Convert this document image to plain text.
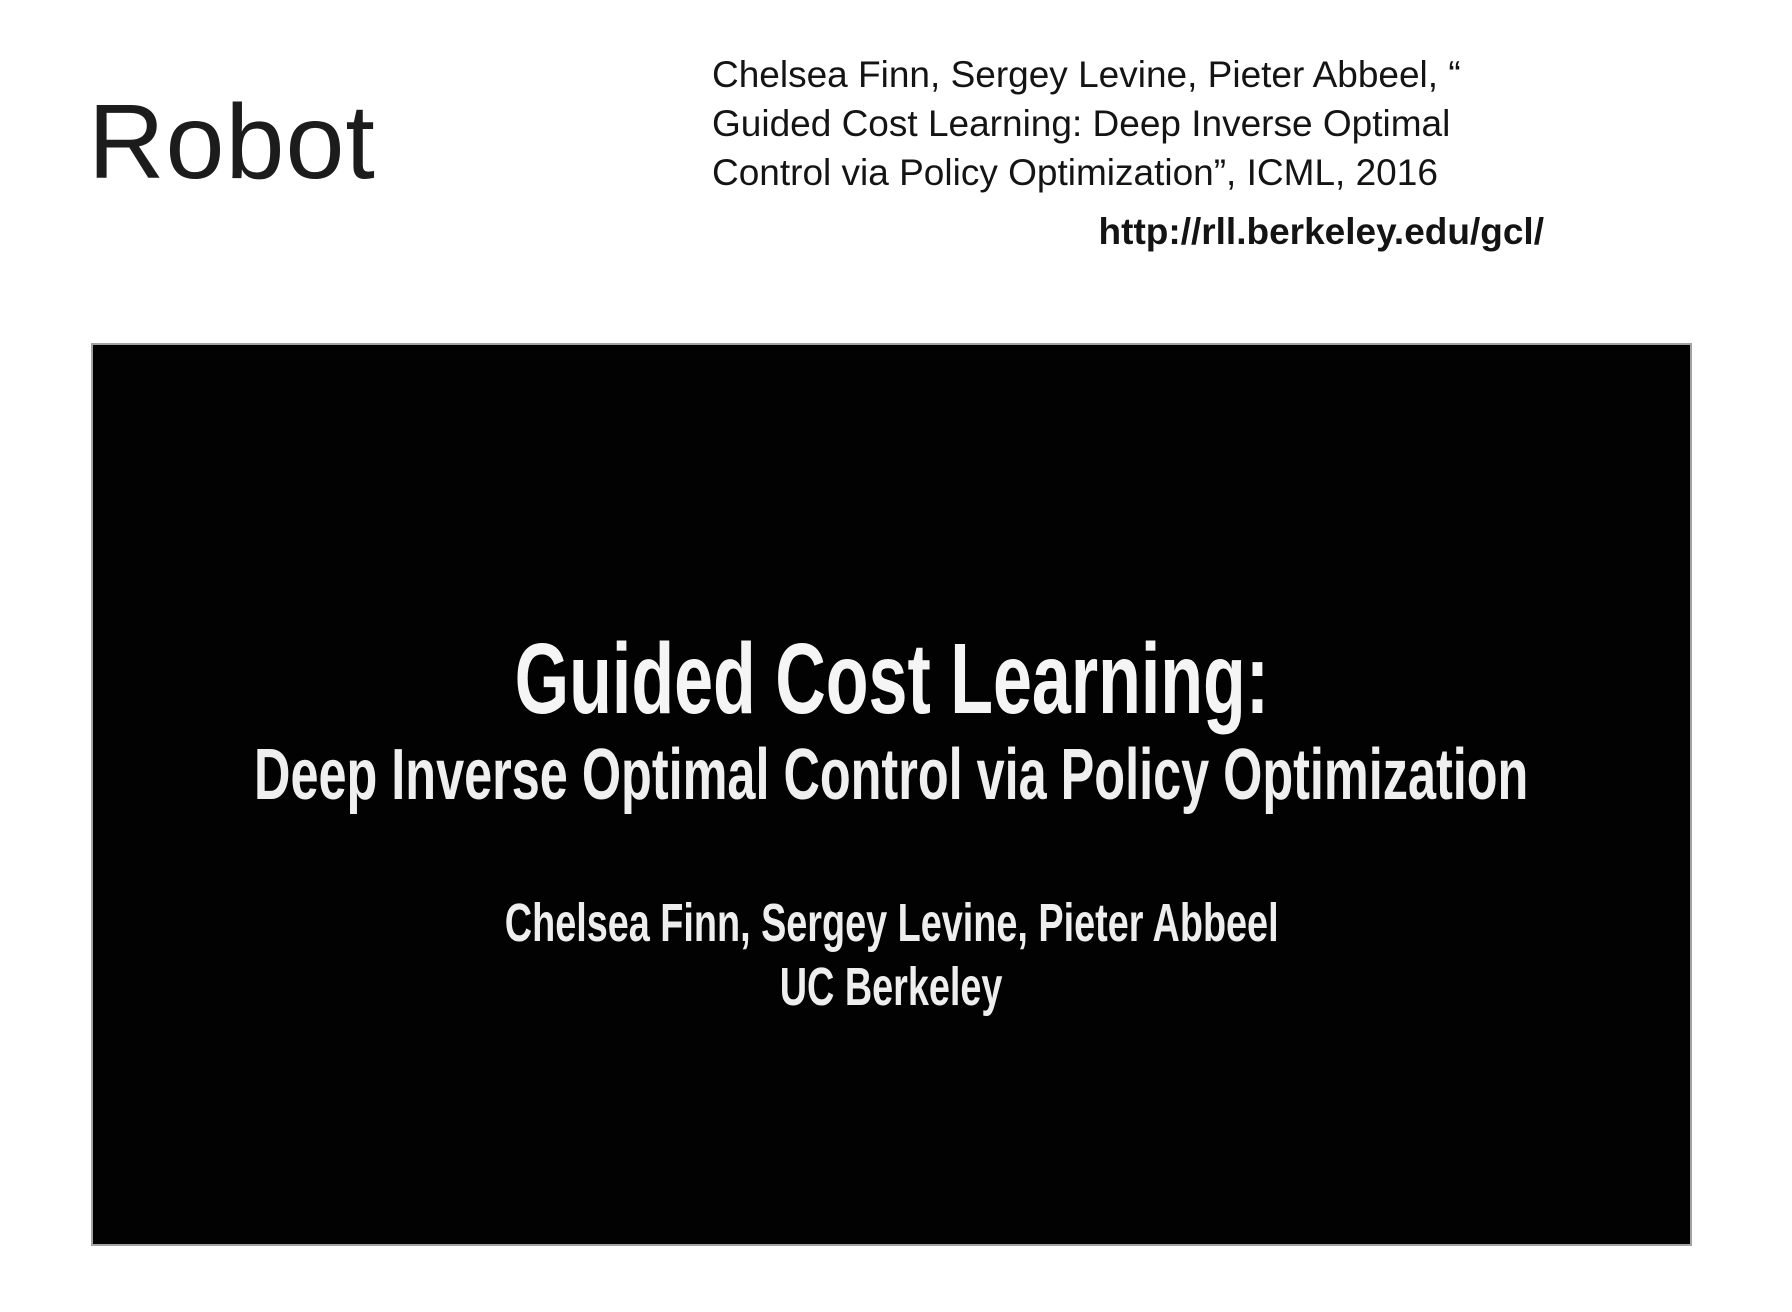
Robot
Chelsea Finn, Sergey Levine, Pieter Abbeel, “
Guided Cost Learning: Deep Inverse Optimal
Control via Policy Optimization”, ICML, 2016
http://rll.berkeley.edu/gcl/
Guided Cost Learning:
Deep Inverse Optimal Control via Policy Optimization
Chelsea Finn, Sergey Levine, Pieter Abbeel
UC Berkeley
